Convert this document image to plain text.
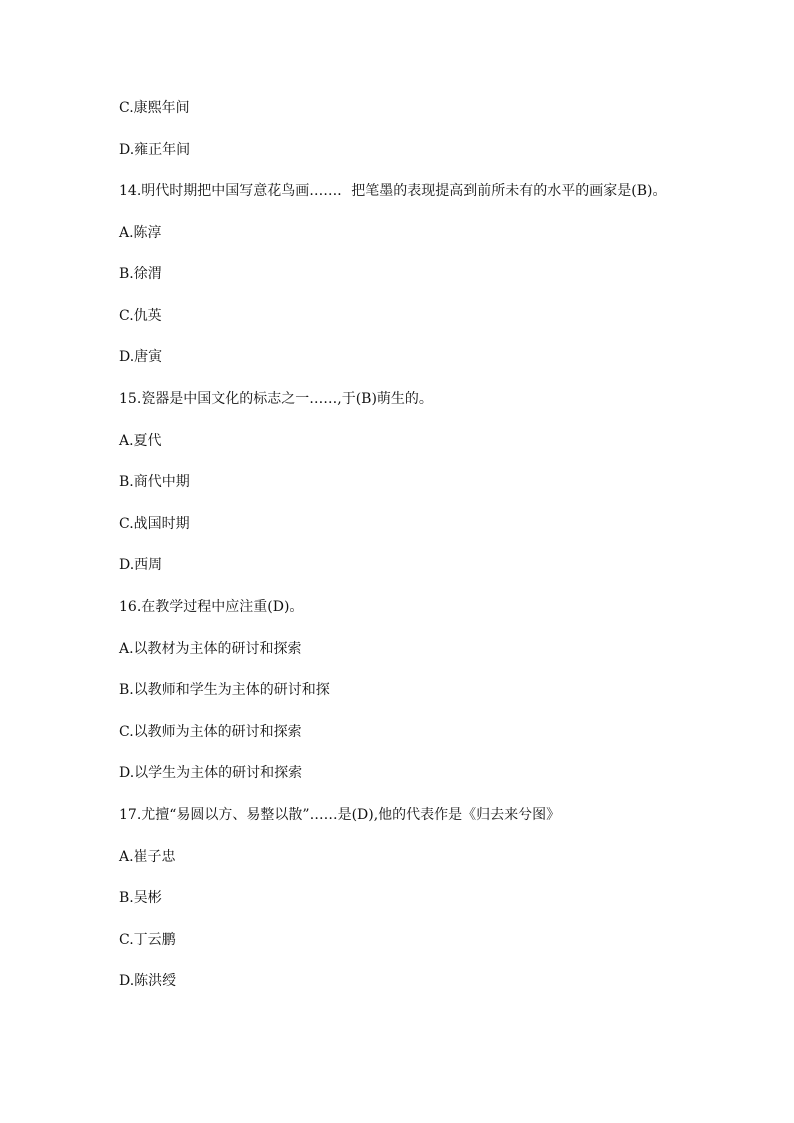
C.康熙年间
D.雍正年间
14.明代时期把中国写意花鸟画……．把笔墨的表现提高到前所未有的水平的画家是(B)。
A.陈淳
B.徐渭
C.仇英
D.唐寅
15.瓷器是中国文化的标志之一……,于(B)萌生的。
A.夏代
B.商代中期
C.战国时期
D.西周
16.在教学过程中应注重(D)。
A.以教材为主体的研讨和探索
B.以教师和学生为主体的研讨和探
C.以教师为主体的研讨和探索
D.以学生为主体的研讨和探索
17.尤擅“易圆以方、易整以散”……是(D),他的代表作是《归去来兮图》
A.崔子忠
B.吴彬
C.丁云鹏
D.陈洪绶
